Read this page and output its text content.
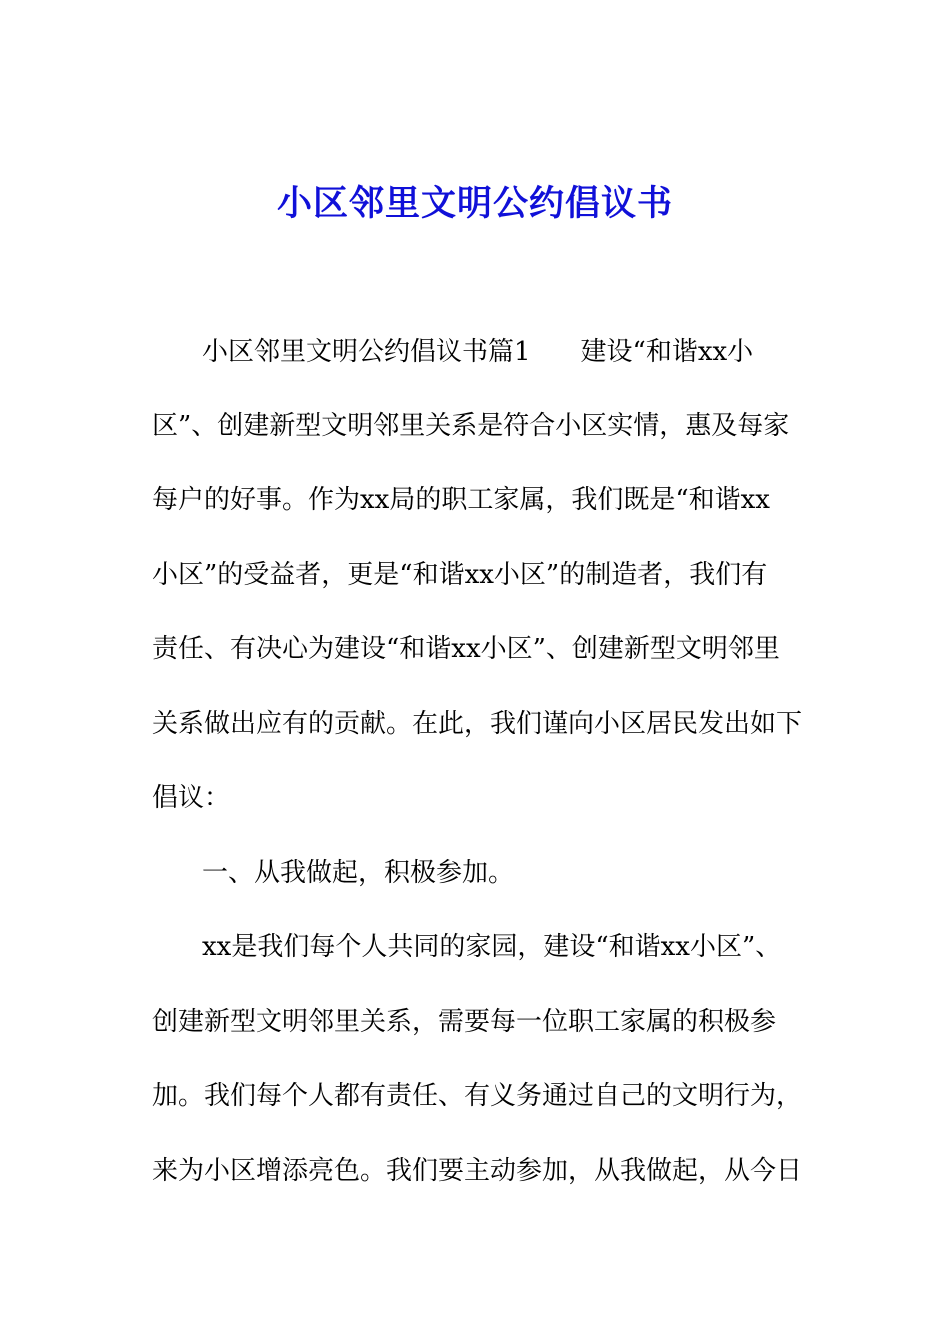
小区邻里文明公约倡议书

小区邻里文明公约倡议书篇1 建设“和谐xx小

区”、创建新型文明邻里关系是符合小区实情，惠及每家

每户的好事。作为xx局的职工家属，我们既是“和谐xx

小区”的受益者，更是“和谐xx小区”的制造者，我们有

责任、有决心为建设“和谐xx小区”、创建新型文明邻里

关系做出应有的贡献。在此，我们谨向小区居民发出如下

倡议：

一、从我做起，积极参加。

xx是我们每个人共同的家园，建设“和谐xx小区”、

创建新型文明邻里关系，需要每一位职工家属的积极参

加。我们每个人都有责任、有义务通过自己的文明行为，

来为小区增添亮色。我们要主动参加，从我做起，从今日
